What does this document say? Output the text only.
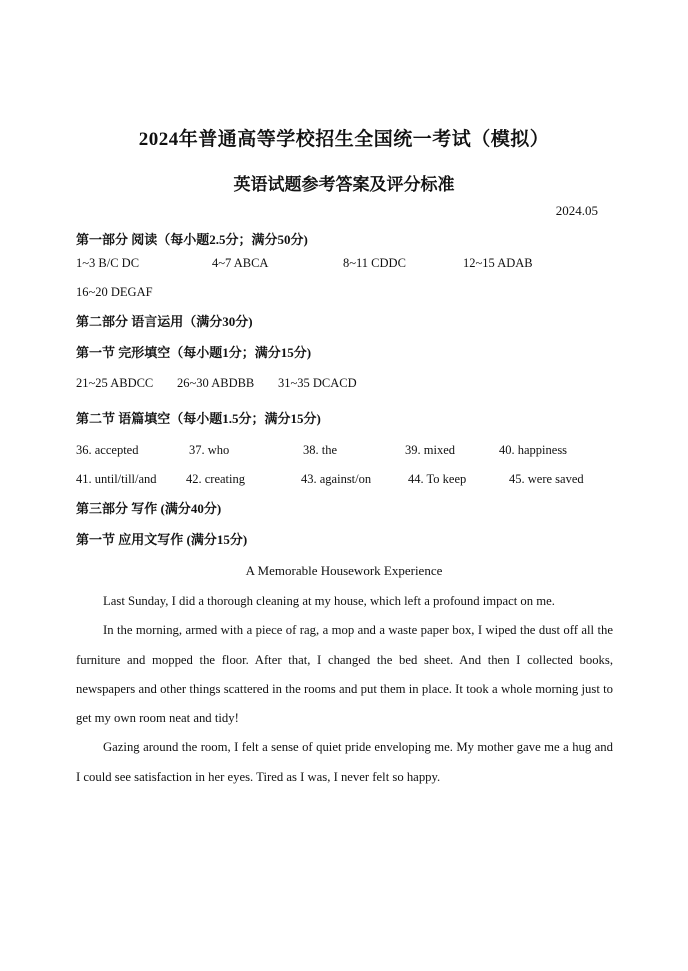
2024年普通高等学校招生全国统一考试（模拟）
英语试题参考答案及评分标准
2024.05
第一部分 阅读（每小题2.5分；满分50分)
1~3 B/C DC	4~7 ABCA	8~11 CDDC	12~15 ADAB
16~20 DEGAF
第二部分 语言运用（满分30分)
第一节 完形填空（每小题1分；满分15分)
21~25 ABDCC 26~30 ABDBB 31~35 DCACD
第二节 语篇填空（每小题1.5分；满分15分)
36. accepted	37. who	38. the	39. mixed	40. happiness
41. until/till/and 42. creating	43. against/on	44. To keep	45. were saved
第三部分 写作 (满分40分)
第一节 应用文写作 (满分15分)
A Memorable Housework Experience

Last Sunday, I did a thorough cleaning at my house, which left a profound impact on me.

In the morning, armed with a piece of rag, a mop and a waste paper box, I wiped the dust off all the furniture and mopped the floor. After that, I changed the bed sheet. And then I collected books, newspapers and other things scattered in the rooms and put them in place. It took a whole morning just to get my own room neat and tidy!

Gazing around the room, I felt a sense of quiet pride enveloping me. My mother gave me a hug and I could see satisfaction in her eyes. Tired as I was, I never felt so happy.
